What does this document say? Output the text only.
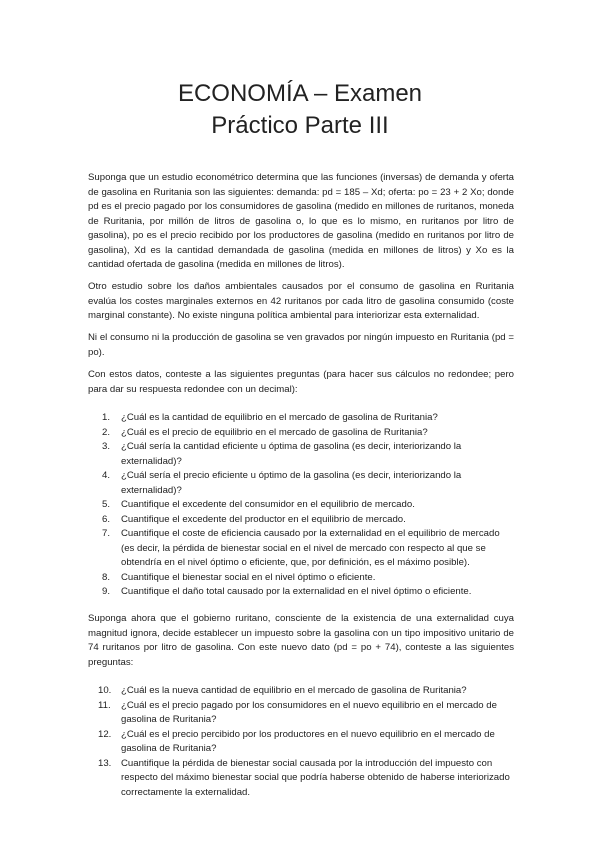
ECONOMÍA – Examen
Práctico Parte III

Suponga que un estudio econométrico determina que las funciones (inversas) de demanda y oferta de gasolina en Ruritania son las siguientes: demanda: pd = 185 – Xd; oferta: po = 23 + 2 Xo; donde pd es el precio pagado por los consumidores de gasolina (medido en millones de ruritanos, moneda de Ruritania, por millón de litros de gasolina o, lo que es lo mismo, en ruritanos por litro de gasolina), po es el precio recibido por los productores de gasolina (medido en ruritanos por litro de gasolina), Xd es la cantidad demandada de gasolina (medida en millones de litros) y Xo es la cantidad ofertada de gasolina (medida en millones de litros).

Otro estudio sobre los daños ambientales causados por el consumo de gasolina en Ruritania evalúa los costes marginales externos en 42 ruritanos por cada litro de gasolina consumido (coste marginal constante). No existe ninguna política ambiental para interiorizar esta externalidad.

Ni el consumo ni la producción de gasolina se ven gravados por ningún impuesto en Ruritania (pd = po).

Con estos datos, conteste a las siguientes preguntas (para hacer sus cálculos no redondee; pero para dar su respuesta redondee con un decimal):

1. ¿Cuál es la cantidad de equilibrio en el mercado de gasolina de Ruritania?
2. ¿Cuál es el precio de equilibrio en el mercado de gasolina de Ruritania?
3. ¿Cuál sería la cantidad eficiente u óptima de gasolina (es decir, interiorizando la externalidad)?
4. ¿Cuál sería el precio eficiente u óptimo de la gasolina (es decir, interiorizando la externalidad)?
5. Cuantifique el excedente del consumidor en el equilibrio de mercado.
6. Cuantifique el excedente del productor en el equilibrio de mercado.
7. Cuantifique el coste de eficiencia causado por la externalidad en el equilibrio de mercado (es decir, la pérdida de bienestar social en el nivel de mercado con respecto al que se obtendría en el nivel óptimo o eficiente, que, por definición, es el máximo posible).
8. Cuantifique el bienestar social en el nivel óptimo o eficiente.
9. Cuantifique el daño total causado por la externalidad en el nivel óptimo o eficiente.

Suponga ahora que el gobierno ruritano, consciente de la existencia de una externalidad cuya magnitud ignora, decide establecer un impuesto sobre la gasolina con un tipo impositivo unitario de 74 ruritanos por litro de gasolina. Con este nuevo dato (pd = po + 74), conteste a las siguientes preguntas:

10. ¿Cuál es la nueva cantidad de equilibrio en el mercado de gasolina de Ruritania?
11. ¿Cuál es el precio pagado por los consumidores en el nuevo equilibrio en el mercado de gasolina de Ruritania?
12. ¿Cuál es el precio percibido por los productores en el nuevo equilibrio en el mercado de gasolina de Ruritania?
13. Cuantifique la pérdida de bienestar social causada por la introducción del impuesto con respecto del máximo bienestar social que podría haberse obtenido de haberse interiorizado correctamente la externalidad.
